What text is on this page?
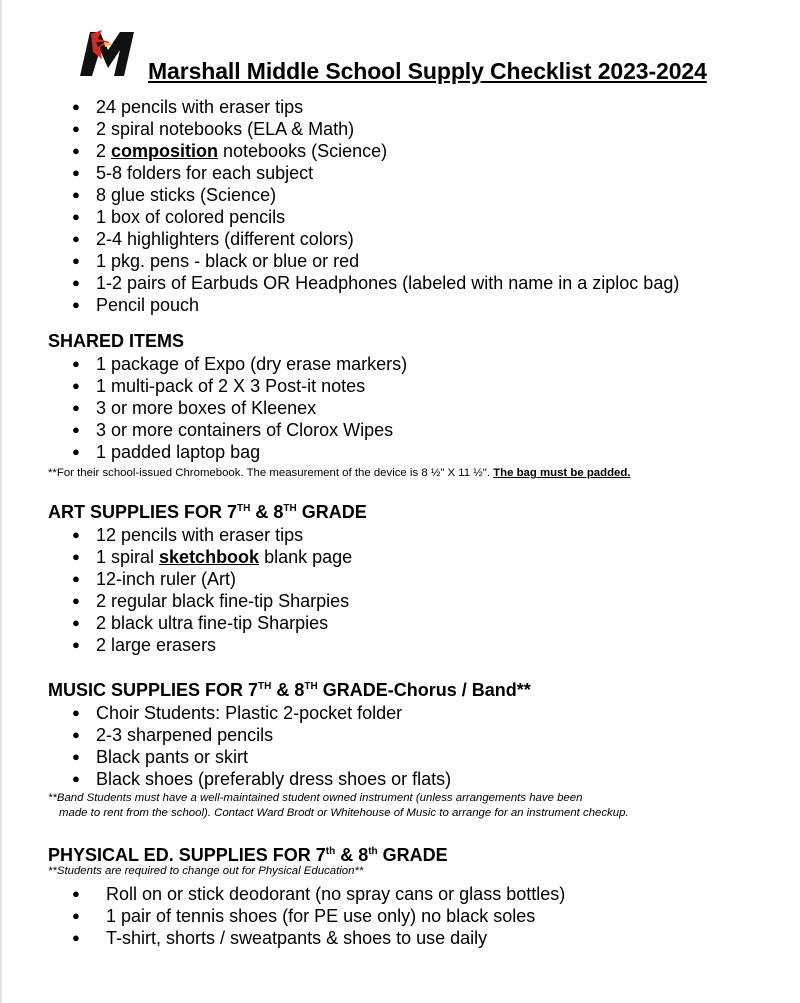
Marshall Middle School Supply Checklist 2023-2024
● 24 pencils with eraser tips
● 2 spiral notebooks (ELA & Math)
● 2 composition notebooks (Science)
● 5-8 folders for each subject
● 8 glue sticks (Science)
● 1 box of colored pencils
● 2-4 highlighters (different colors)
● 1 pkg. pens - black or blue or red
● 1-2 pairs of Earbuds OR Headphones (labeled with name in a ziploc bag)
● Pencil pouch
SHARED ITEMS
● 1 package of Expo (dry erase markers)
● 1 multi-pack of 2 X 3 Post-it notes
● 3 or more boxes of Kleenex
● 3 or more containers of Clorox Wipes
● 1 padded laptop bag
**For their school-issued Chromebook. The measurement of the device is 8 ½" X 11 ½". The bag must be padded.
ART SUPPLIES FOR 7TH & 8TH GRADE
● 12 pencils with eraser tips
● 1 spiral sketchbook blank page
● 12-inch ruler (Art)
● 2 regular black fine-tip Sharpies
● 2 black ultra fine-tip Sharpies
● 2 large erasers
MUSIC SUPPLIES FOR 7TH & 8TH GRADE-Chorus / Band**
● Choir Students: Plastic 2-pocket folder
● 2-3 sharpened pencils
● Black pants or skirt
● Black shoes (preferably dress shoes or flats)
**Band Students must have a well-maintained student owned instrument (unless arrangements have been
made to rent from the school). Contact Ward Brodt or Whitehouse of Music to arrange for an instrument checkup.
PHYSICAL ED. SUPPLIES FOR 7th & 8th GRADE
**Students are required to change out for Physical Education**
● Roll on or stick deodorant (no spray cans or glass bottles)
● 1 pair of tennis shoes (for PE use only) no black soles
● T-shirt, shorts / sweatpants & shoes to use daily
